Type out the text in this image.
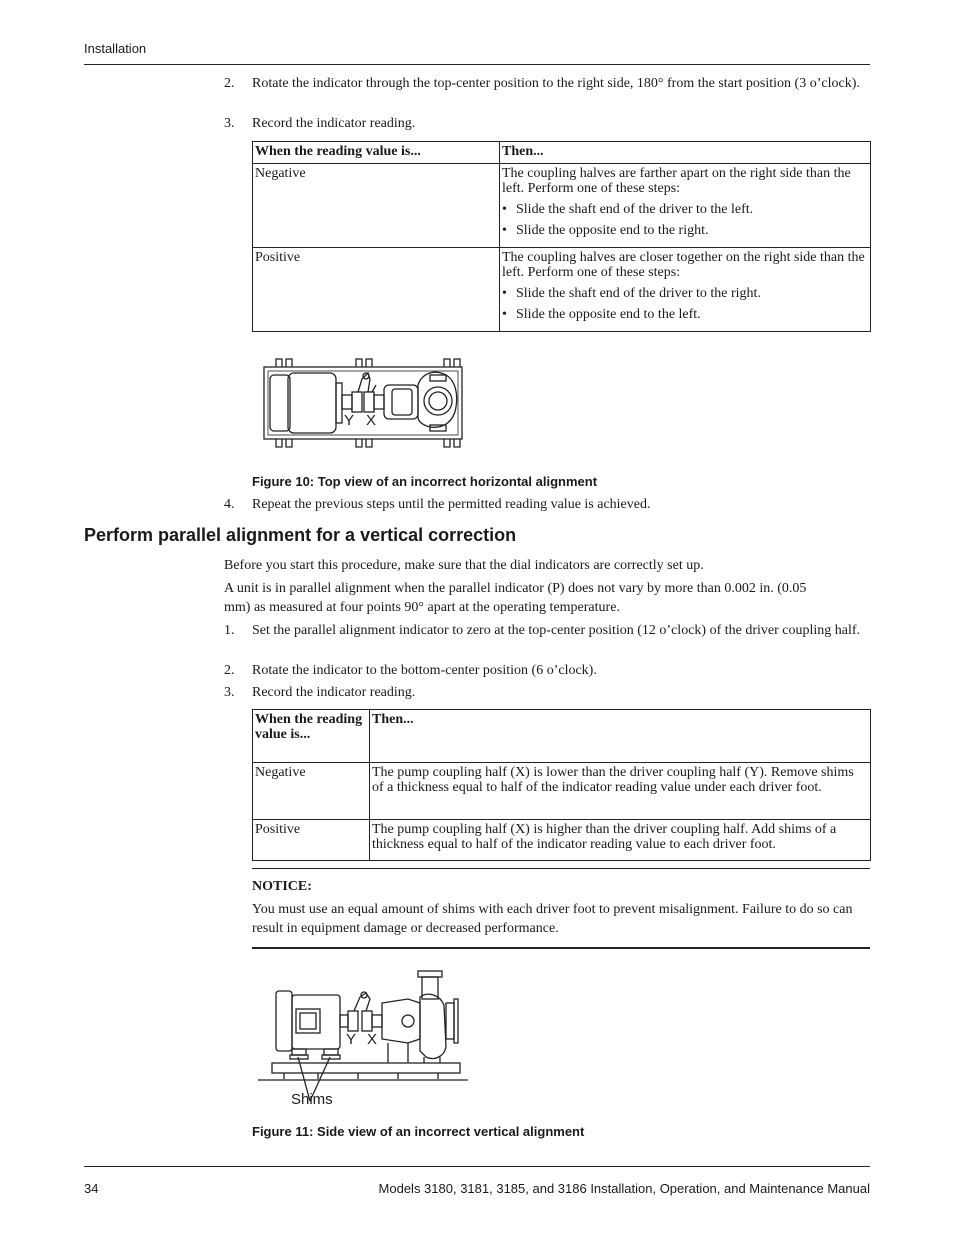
Installation
2. Rotate the indicator through the top-center position to the right side, 180° from the start position (3 o’clock).
3. Record the indicator reading.
When the reading value is...	Then...
Negative	The coupling halves are farther apart on the right side than the left. Perform one of these steps:
• Slide the shaft end of the driver to the left.
• Slide the opposite end to the right.

Positive	The coupling halves are closer together on the right side than the left. Perform one of these steps:
• Slide the shaft end of the driver to the right.
• Slide the opposite end to the left.
Y X
Figure 10: Top view of an incorrect horizontal alignment
4. Repeat the previous steps until the permitted reading value is achieved.
Perform parallel alignment for a vertical correction
Before you start this procedure, make sure that the dial indicators are correctly set up.
A unit is in parallel alignment when the parallel indicator (P) does not vary by more than 0.002 in. (0.05 mm) as measured at four points 90° apart at the operating temperature.
1. Set the parallel alignment indicator to zero at the top-center position (12 o’clock) of the driver coupling half.
2. Rotate the indicator to the bottom-center position (6 o’clock).
3. Record the indicator reading.
When the reading value is...	Then...
Negative	The pump coupling half (X) is lower than the driver coupling half (Y). Remove shims of a thickness equal to half of the indicator reading value under each driver foot.
Positive	The pump coupling half (X) is higher than the driver coupling half. Add shims of a thickness equal to half of the indicator reading value to each driver foot.
NOTICE:
You must use an equal amount of shims with each driver foot to prevent misalignment. Failure to do so can result in equipment damage or decreased performance.
Y X
Shims
Figure 11: Side view of an incorrect vertical alignment
34	Models 3180, 3181, 3185, and 3186 Installation, Operation, and Maintenance Manual
